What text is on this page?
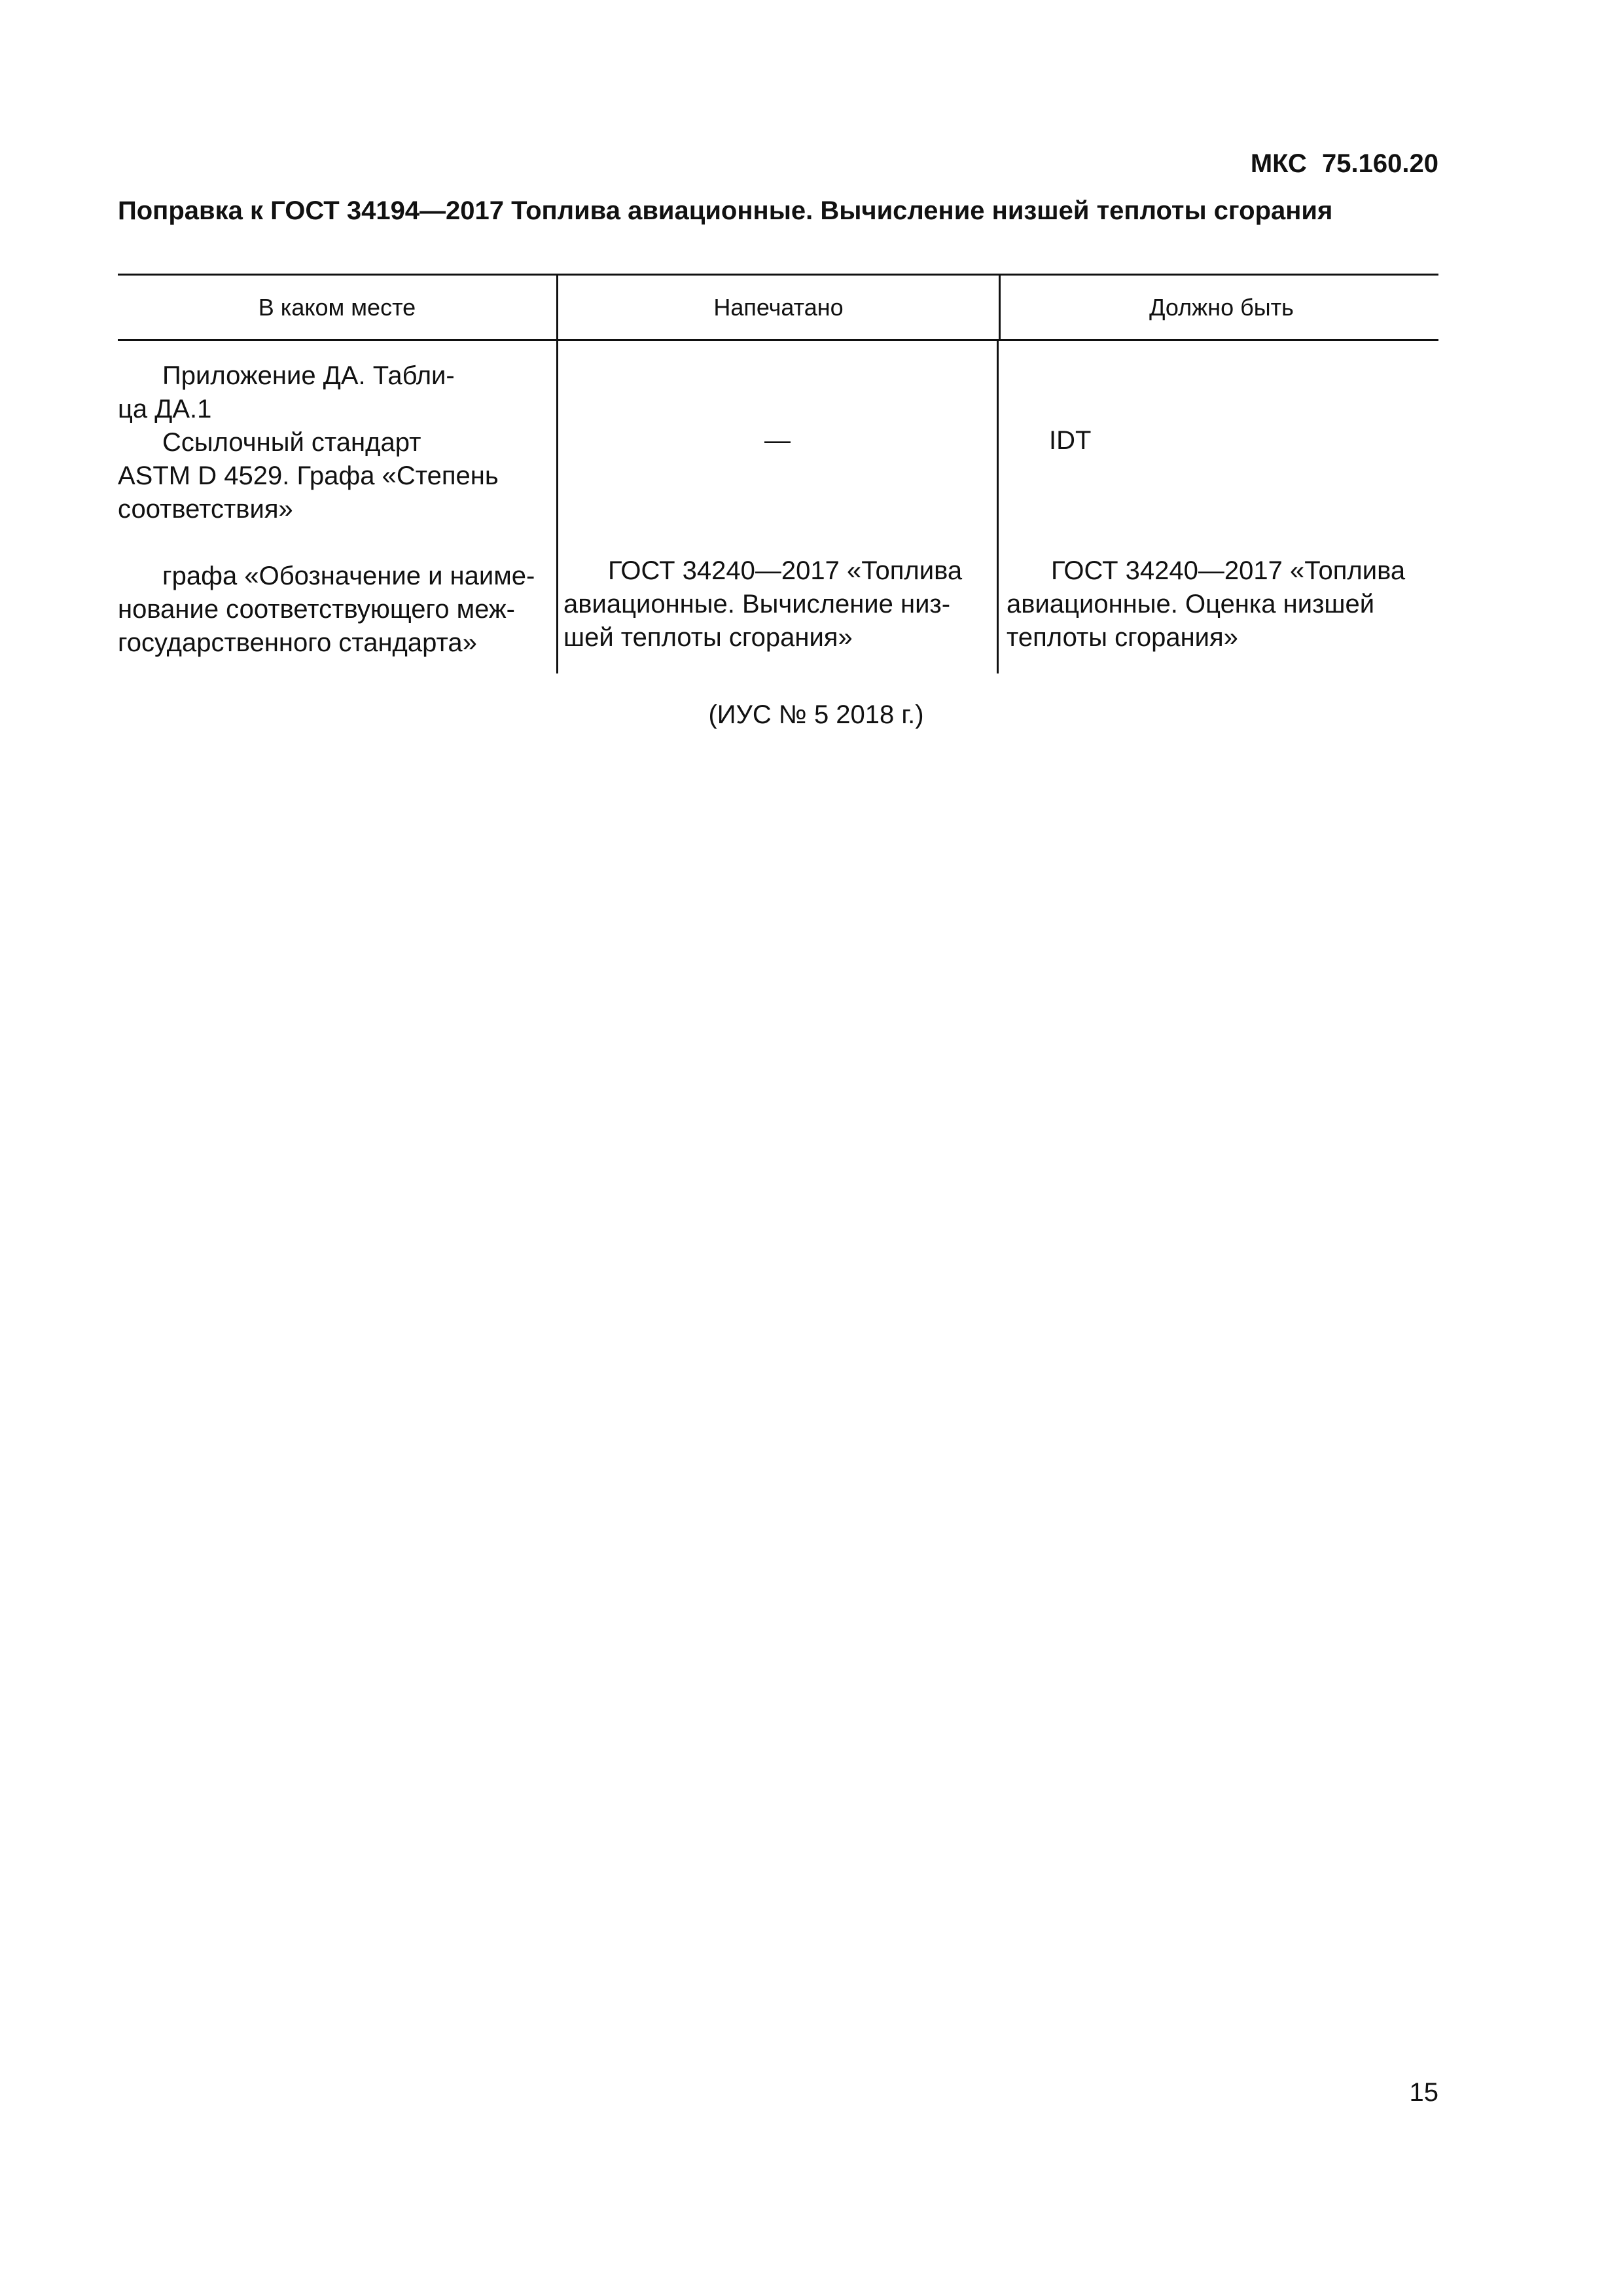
МКС 75.160.20
Поправка к ГОСТ 34194—2017 Топлива авиационные. Вычисление низшей теплоты сгорания
В каком месте	Напечатано	Должно быть

Приложение ДА. Табли-

ца ДА.1

Ссылочный стандарт

ASTM D 4529. Графа «Степень

соответствия»

графа «Обозначение и наиме-

нование соответствующего меж-

государственного стандарта»

—

ГОСТ 34240—2017 «Топлива

авиационные. Вычисление низ-

шей теплоты сгорания»

IDT

ГОСТ 34240—2017 «Топлива

авиационные. Оценка низшей

теплоты сгорания»

(ИУС № 5 2018 г.)
15
